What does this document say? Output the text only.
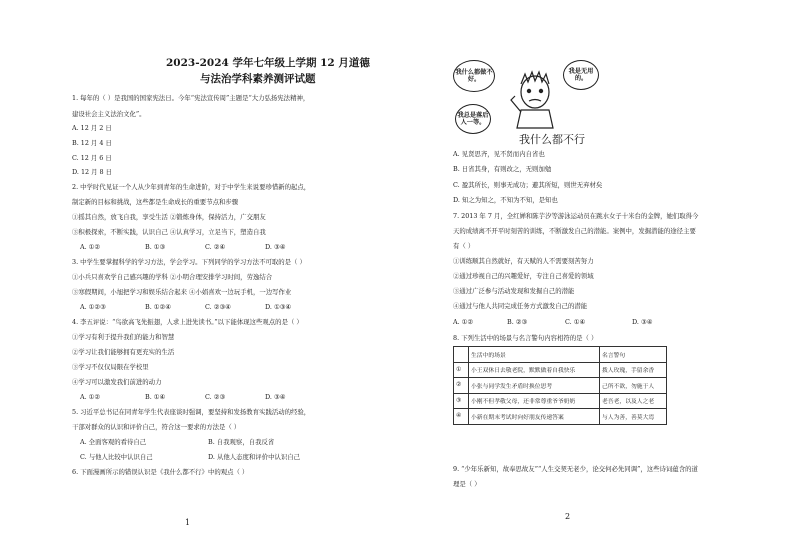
2023-2024 学年七年级上学期 12 月道德
与法治学科素养测评试题
1. 每年的（ ）是我国的国家宪法日。今年“宪法宣传周”主题是“大力弘扬宪法精神，
建设社会主义法治文化”。
A. 12 月 2 日
B. 12 月 4 日
C. 12 月 6 日
D. 12 月 8 日
2. 中学时代见证一个人从少年到青年的生命进阶，对于中学生来说要珍惜新的起点，
制定新的目标和挑战，这些都是生命成长的重要节点和步骤
①摇其自然，放飞自我，享受生活 ②锻炼身体，保持活力，广交朋友
③积极探索，不断实践，认识自己 ④认真学习，立足当下，塑造自我
A. ①②	B. ①③	C. ②④	D. ③④
3. 中学生要掌握科学的学习方法，学会学习。下列同学的学习方法不可取的是（ ）
①小兵只喜欢学自己感兴趣的学科 ②小明合理安排学习时间，劳逸结合
③寒假期间，小旭把学习和娱乐结合起来 ④小娟喜欢一边玩手机，一边写作业
A. ①②③	B. ①②④	C. ②③④	D. ①③④
4. 李五评说：“鸟欲高飞先振翅，人求上进先读书。”以下能体现这些观点的是（ ）
①学习有利于提升我们的能力和智慧
②学习让我们能够拥有更充实的生活
③学习不仅仅局限在学校里
④学习可以激发我们前进的动力
A. ①②	B. ①④	C. ②③	D. ③④
5. 习近平总书记在同青年学生代表座谈时强调，要坚持和发扬教育实践活动的经验，
干部对群众的认识和评价自己，符合这一要求的方法是（ ）
A. 全面客观的看待自己	B. 自我观察，自我反省
C. 与他人比较中认识自己	D. 从他人态度和评价中认识自己
6. 下面漫画所示的错误认识是《我什么都不行》中的观点（ ）
1
我什么都做不好。
我是无用的。
我总是落后人一等。
我什么都不行
A. 见贤思齐，见不贤而内自省也
B. 日省其身，有则改之，无则加勉
C. 盈其所长，则事无成功；避其所短，则世无弃材矣
D. 知之为知之，不知为不知，是知也
7. 2013 年 7 月，全红婵和陈芋汐等游泳运动员在跳水女子十米台的金牌，她们取得今
天的成绩离不开平时刻苦的训练，不断激发自己的潜能。案例中，发掘潜能的途径主要
有（ ）
①训练顺其自然就好，有天赋的人不需要刻苦努力
②通过珍视自己的兴趣爱好，专注自己喜爱的领域
③通过广泛参与活动发现和发掘自己的潜能
④通过与他人共同完成任务方式激发自己的潜能
A. ①②	B. ②③	C. ①④	D. ③④
8. 下列生活中的场景与名言警句内容相符的是（ ）
	生活中的场景	名言警句
①	小王双休日去敬老院，默默做着自我快乐	拨人玫瑰，手留余香
②	小张与同学发生矛盾时换位思考	己所不欲，勿施于人
③	小刚不但孝敬父母，还非常尊重爷爷奶奶	老吾老，以及人之老
④	小新在期末考试时向好朋友传递答案	与人为善，善莫大焉
9. “少年乐新知，故奉思故友”“人生交契无老少，论交何必先同调”，这些诗词蕴含的道
理是（ ）
2
